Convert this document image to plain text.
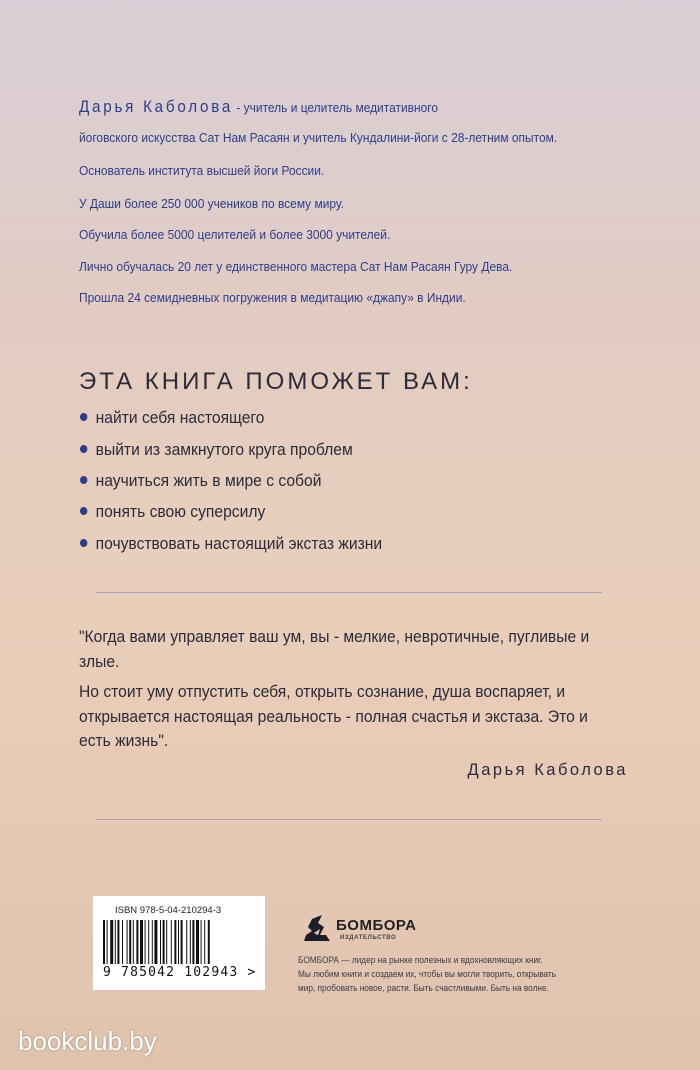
Дарья Каболова - учитель и целитель медитативного
йоговского искусства Сат Нам Расаян и учитель Кундалини-йоги с 28-летним опытом.
Основатель института высшей йоги России.
У Даши более 250 000 учеников по всему миру.
Обучила более 5000 целителей и более 3000 учителей.
Лично обучалась 20 лет у единственного мастера Сат Нам Расаян Гуру Дева.
Прошла 24 семидневных погружения в медитацию «джапу» в Индии.
ЭТА КНИГА ПОМОЖЕТ ВАМ:
найти себя настоящего
выйти из замкнутого круга проблем
научиться жить в мире с собой
понять свою суперсилу
почувствовать настоящий экстаз жизни
"Когда вами управляет ваш ум, вы - мелкие, невротичные, пугливые и
злые.
Но стоит уму отпустить себя, открыть сознание, душа воспаряет, и
открывается настоящая реальность - полная счастья и экстаза. Это и
есть жизнь".
Дарья Каболова
ISBN 978-5-04-210294-3
9 785042 102943 >
БОМБОРА
ИЗДАТЕЛЬСТВО
БОМБОРА — лидер на рынке полезных и вдохновляющих книг.
Мы любим книги и создаем их, чтобы вы могли творить, открывать
мир, пробовать новое, расти. Быть счастливыми. Быть на волне.
bookclub.by
